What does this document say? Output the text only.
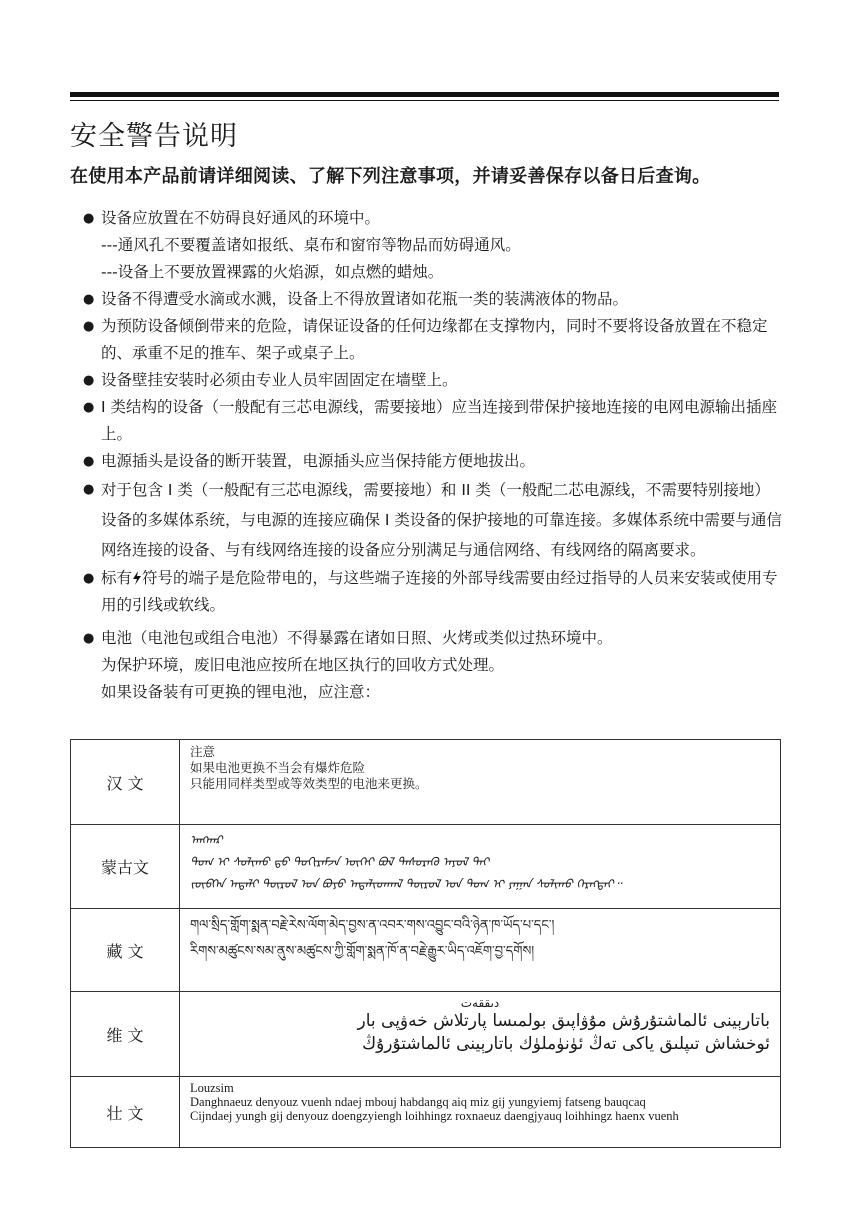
安全警告说明
在使用本产品前请详细阅读、了解下列注意事项，并请妥善保存以备日后查询。
● 设备应放置在不妨碍良好通风的环境中。
---通风孔不要覆盖诸如报纸、桌布和窗帘等物品而妨碍通风。
---设备上不要放置裸露的火焰源，如点燃的蜡烛。
● 设备不得遭受水滴或水溅，设备上不得放置诸如花瓶一类的装满液体的物品。
● 为预防设备倾倒带来的危险，请保证设备的任何边缘都在支撑物内，同时不要将设备放置在不稳定的、承重不足的推车、架子或桌子上。
● 设备壁挂安装时必须由专业人员牢固固定在墙壁上。
● I 类结构的设备（一般配有三芯电源线，需要接地）应当连接到带保护接地连接的电网电源输出插座上。
● 电源插头是设备的断开装置，电源插头应当保持能方便地拔出。
● 对于包含 I 类（一般配有三芯电源线，需要接地）和 II 类（一般配二芯电源线，不需要特别接地）设备的多媒体系统，与电源的连接应确保 I 类设备的保护接地的可靠连接。多媒体系统中需要与通信网络连接的设备、与有线网络连接的设备应分别满足与通信网络、有线网络的隔离要求。
● 标有 符号的端子是危险带电的，与这些端子连接的外部导线需要由经过指导的人员来安装或使用专用的引线或软线。
● 电池（电池包或组合电池）不得暴露在诸如日照、火烤或类似过热环境中。
为保护环境，废旧电池应按所在地区执行的回收方式处理。
如果设备装有可更换的锂电池，应注意：
汉 文	注意
如果电池更换不当会有爆炸危险
只能用同样类型或等效类型的电池来更换。

蒙古文	ᠠᠩᠬᠠᠷ
ᠲᠣᠭ ᠢ ᠰᠣᠯᠢᠬᠤ ᠳ᠋ᠤ ᠲᠣᠬᠢᠷᠠᠮᠵᠠ ᠦᠭᠡᠢ ᠪᠣᠯ ᠲᠡᠰᠦᠷᠡᠬᠦ ᠠᠶᠤᠯ ᠲᠠᠢ
ᠵᠦᠪᠬᠡᠨ ᠠᠳᠠᠯᠢ ᠲᠥᠷᠥᠯ ᠤᠨ ᠪᠤᠶᠤ ᠠᠳᠠᠯᠢᠳᠬᠠᠯ ᠲᠥᠷᠥᠯ ᠤᠨ ᠲᠣᠭ ᠢ ᠶᠠᠭᠠᠨ ᠰᠣᠯᠢᠬᠤ ᠬᠡᠷᠡᠭᠲᠡᠢ᠃

藏 文	གལ་སྲིད་གློག་སྨན་བརྗེ་རེས་ལོག་མེད་བྱས་ན་འབར་གས་འབྱུང་བའི་ཉེན་ཁ་ཡོད་པ་དང་།
རིགས་མཚུངས་སམ་ནུས་མཚུངས་ཀྱི་གློག་སྨན་ཁོ་ན་བརྗེ་རྒྱུར་ཡིད་འཇོག་བྱ་དགོས།

维 文	دىققەت
باتارېينى ئالماشتۇرۇش مۇۋاپىق بولمىسا پارتلاش خەۋپى بار
ئوخشاش تىپلىق ياكى تەڭ ئۈنۈملۈك باتارېينى ئالماشتۇرۇڭ

壮 文	Louzsim
Danghnaeuz denyouz vuenh ndaej mbouj habdangq aiq miz gij yungyiemj fatseng bauqcaq
Cijndaej yungh gij denyouz doengzyiengh loihhingz roxnaeuz daengjyauq loihhingz haenx vuenh
